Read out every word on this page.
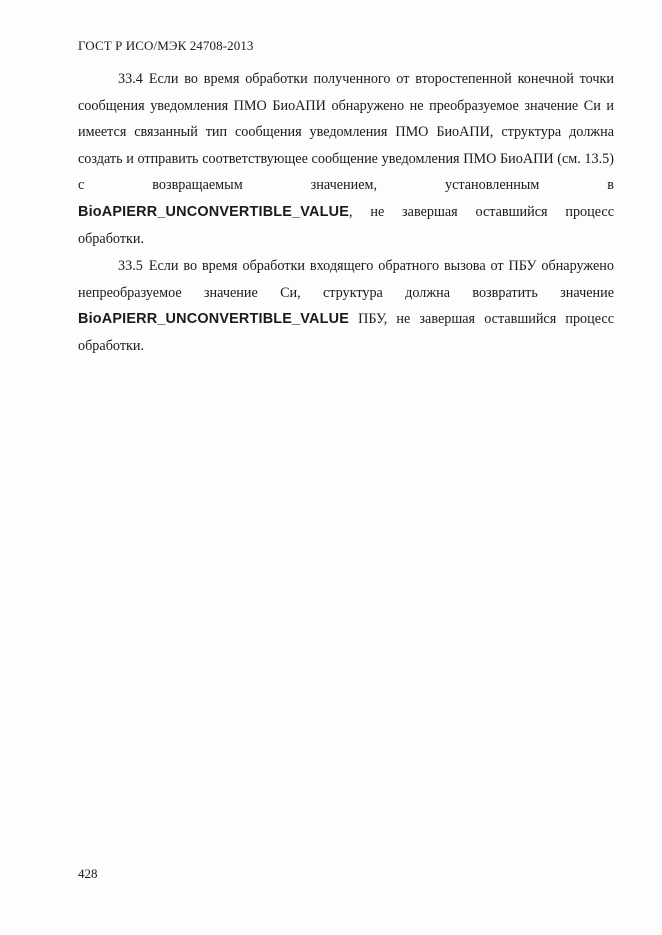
ГОСТ Р ИСО/МЭК 24708-2013

33.4 Если во время обработки полученного от второстепенной конечной точки сообщения уведомления ПМО БиоАПИ обнаружено не преобразуемое значение Си и имеется связанный тип сообщения уведомления ПМО БиоАПИ, структура должна создать и отправить соответствующее сообщение уведомления ПМО БиоАПИ (см. 13.5) с возвращаемым значением, установленным в BioAPIERR_UNCONVERTIBLE_VALUE, не завершая оставшийся процесс обработки.

33.5 Если во время обработки входящего обратного вызова от ПБУ обнаружено непреобразуемое значение Си, структура должна возвратить значение BioAPIERR_UNCONVERTIBLE_VALUE ПБУ, не завершая оставшийся процесс обработки.

428
